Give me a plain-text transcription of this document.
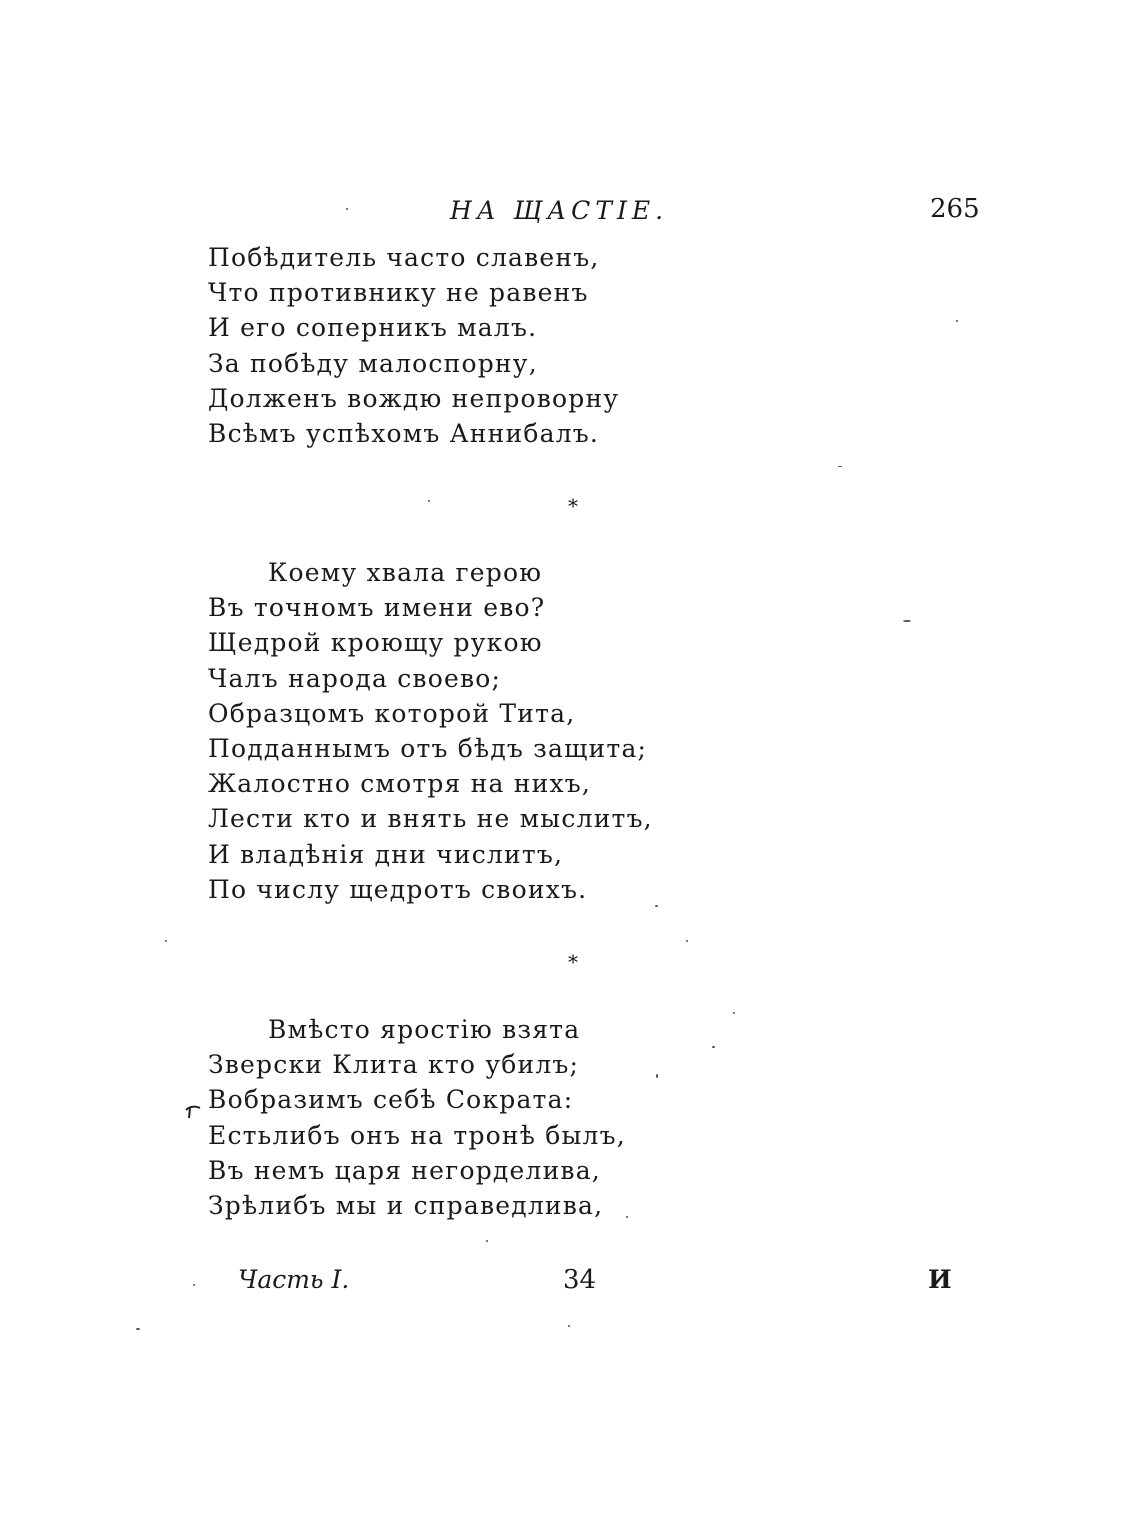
НА ЩАСТІЕ.	265
Побѣдитель часто славенъ,
Что противнику не равенъ
И его соперникъ малъ.
За побѣду малоспорну,
Долженъ вождю непроворну
Всѣмъ успѣхомъ Аннибалъ.
*
Коему хвала герою
Въ точномъ имени ево?
Щедрой кроющу рукою
Чалъ народа своево;
Образцомъ которой Тита,
Подданнымъ отъ бѣдъ защита;
Жалостно смотря на нихъ,
Лести кто и внять не мыслитъ,
И владѣнія дни числитъ,
По числу щедротъ своихъ.
*
Вмѣсто яростію взята
Зверски Клита кто убилъ;
Вобразимъ себѣ Сократа:
Естьлибъ онъ на тронѣ былъ,
Въ немъ царя негорделива,
Зрѣлибъ мы и справедлива,
Часть I.	34	И
